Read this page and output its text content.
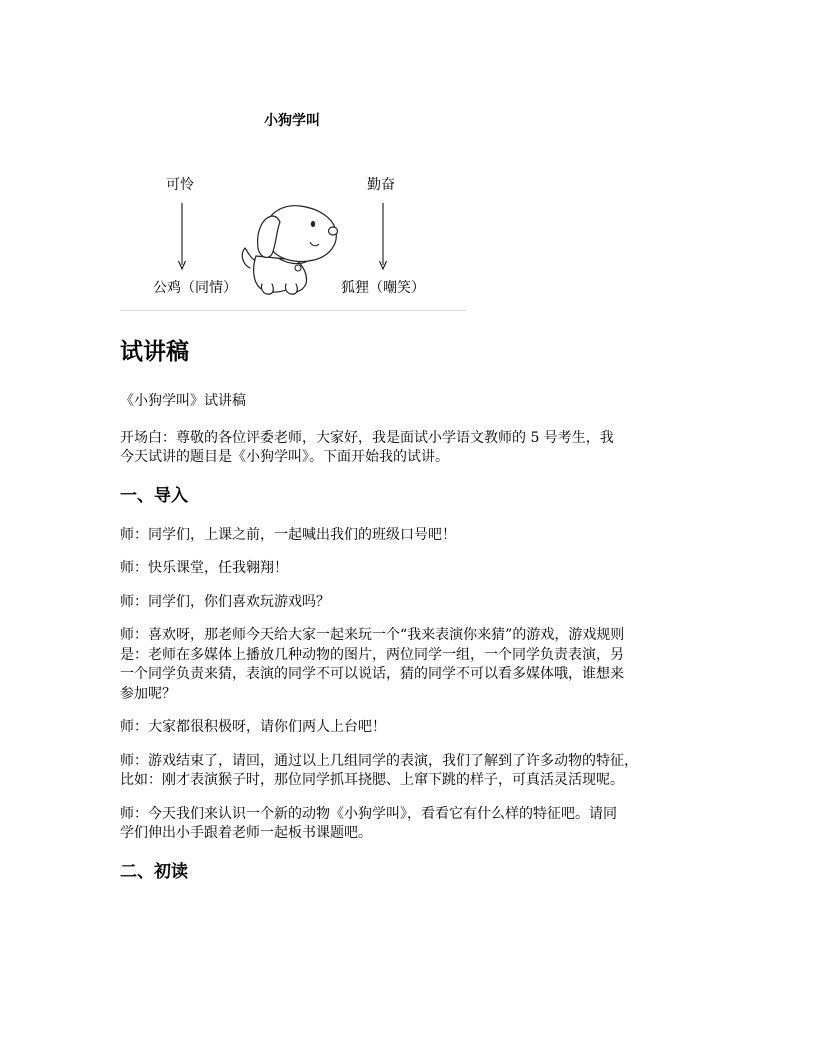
小狗学叫
可怜	勤奋
公鸡（同情）	狐狸（嘲笑）
试讲稿

《小狗学叫》试讲稿

开场白：尊敬的各位评委老师，大家好，我是面试小学语文教师的 5 号考生，我
今天试讲的题目是《小狗学叫》。下面开始我的试讲。

一、导入

师：同学们，上课之前，一起喊出我们的班级口号吧！

师：快乐课堂，任我翱翔！

师：同学们，你们喜欢玩游戏吗？

师：喜欢呀，那老师今天给大家一起来玩一个“我来表演你来猜”的游戏，游戏规则
是：老师在多媒体上播放几种动物的图片，两位同学一组，一个同学负责表演，另
一个同学负责来猜，表演的同学不可以说话，猜的同学不可以看多媒体哦，谁想来
参加呢？

师：大家都很积极呀，请你们两人上台吧！

师：游戏结束了，请回，通过以上几组同学的表演，我们了解到了许多动物的特征，
比如：刚才表演猴子时，那位同学抓耳挠腮、上窜下跳的样子，可真活灵活现呢。

师：今天我们来认识一个新的动物《小狗学叫》，看看它有什么样的特征吧。请同
学们伸出小手跟着老师一起板书课题吧。

二、初读
